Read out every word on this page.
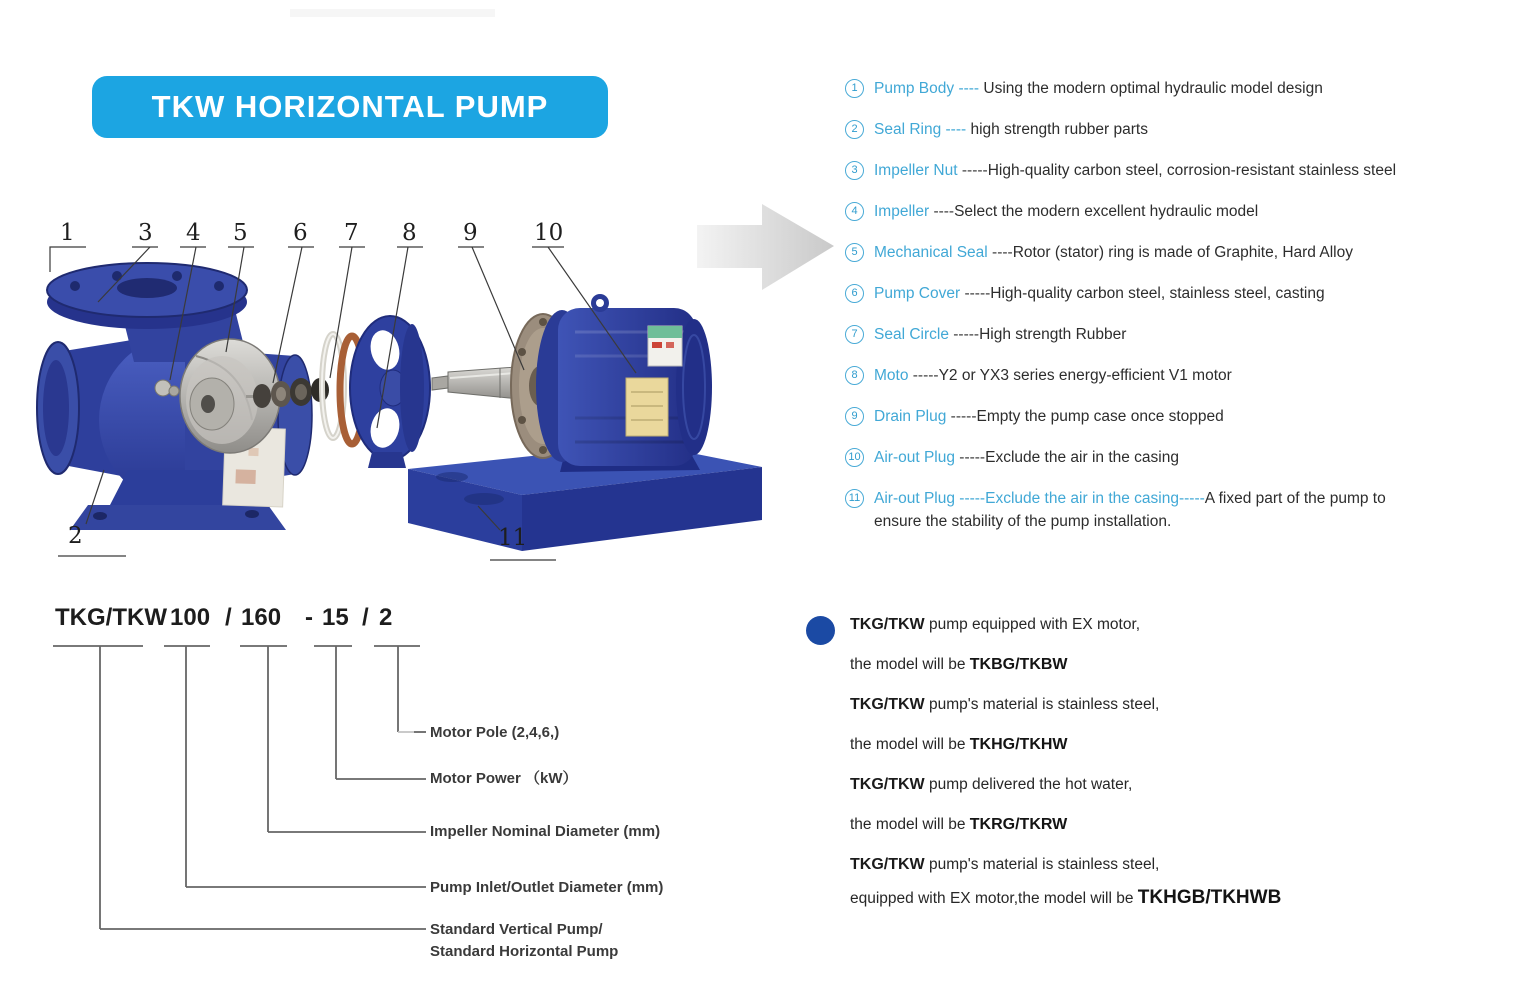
TKW HORIZONTAL PUMP
1
2
3 4 5 6 7 8 9 10
11
1	Pump Body ---- Using the modern optimal hydraulic model design
2	Seal Ring ---- high strength rubber parts
3	Impeller Nut -----High-quality carbon steel, corrosion-resistant stainless steel
4	Impeller ----Select the modern excellent hydraulic model
5	Mechanical Seal ----Rotor (stator) ring is made of Graphite, Hard Alloy
6	Pump Cover -----High-quality carbon steel, stainless steel, casting
7	Seal Circle -----High strength Rubber
8	Moto -----Y2 or YX3 series energy-efficient V1 motor
9	Drain Plug -----Empty the pump case once stopped
10 Air-out Plug -----Exclude the air in the casing
11 Air-out Plug -----Exclude the air in the casing-----A fixed part of the pump to
ensure the stability of the pump installation.
TKG/TKW 100 / 160 - 15 / 2
Motor Pole (2,4,6,)
Motor Power （kW）
Impeller Nominal Diameter (mm)
Pump Inlet/Outlet Diameter (mm)
Standard Vertical Pump/
Standard Horizontal Pump
TKG/TKW pump equipped with EX motor,
the model will be TKBG/TKBW
TKG/TKW pump's material is stainless steel,
the model will be TKHG/TKHW
TKG/TKW pump delivered the hot water,
the model will be TKRG/TKRW
TKG/TKW pump's material is stainless steel,
equipped with EX motor,the model will be TKHGB/TKHWB
